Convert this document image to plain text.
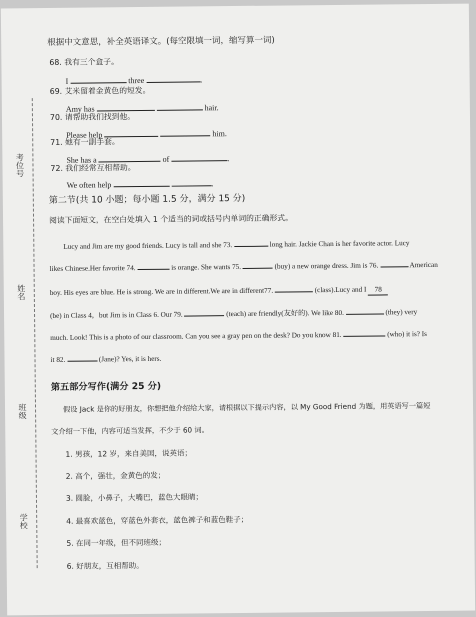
考位号
姓名
班级
学校
根据中文意思，补全英语译文。(每空限填一词，缩写算一词)
68. 我有三个盒子。
I	three	.
69. 艾米留着金黄色的短发。
Amy has	hair.
70. 请帮助我们找到他。
Please help	him.
71. 她有一副手套。
She has a	of	.
72. 我们经常互相帮助。
We often help	.
第二节(共 10 小题；每小题 1.5 分，满分 15 分)
阅读下面短文，在空白处填入 1 个适当的词或括号内单词的正确形式。
Lucy and Jim are my good friends. Lucy is tall and she 73.	long hair. Jackie Chan is her favorite actor. Lucy
likes Chinese.Her favorite 74.	is orange. She wants 75.	(buy) a new orange dress. Jim is 76.	American
boy. His eyes are blue. He is strong. We are in different.We are in different77.	(class).Lucy and I 78
(be) in Class 4，but Jim is in Class 6. Our 79.	(teach) are friendly(友好的). We like 80.	(they) very
much. Look! This is a photo of our classroom. Can you see a gray pen on the desk? Do you know 81.	(who) it is? Is
it 82.	(Jane)? Yes, it is hers.
第五部分写作(满分 25 分)
假设 Jack 是你的好朋友，你想把他介绍给大家，请根据以下提示内容，以 My Good Friend 为题，用英语写一篇短
文介绍一下他，内容可适当发挥，不少于 60 词。
1. 男孩，12 岁，来自美国，说英语；
2. 高个，强壮，金黄色的发；
3. 圆脸，小鼻子，大嘴巴，蓝色大眼睛；
4. 最喜欢蓝色，穿蓝色外套衣，蓝色裤子和蓝色鞋子；
5. 在同一年级，但不同班级；
6. 好朋友，互相帮助。
